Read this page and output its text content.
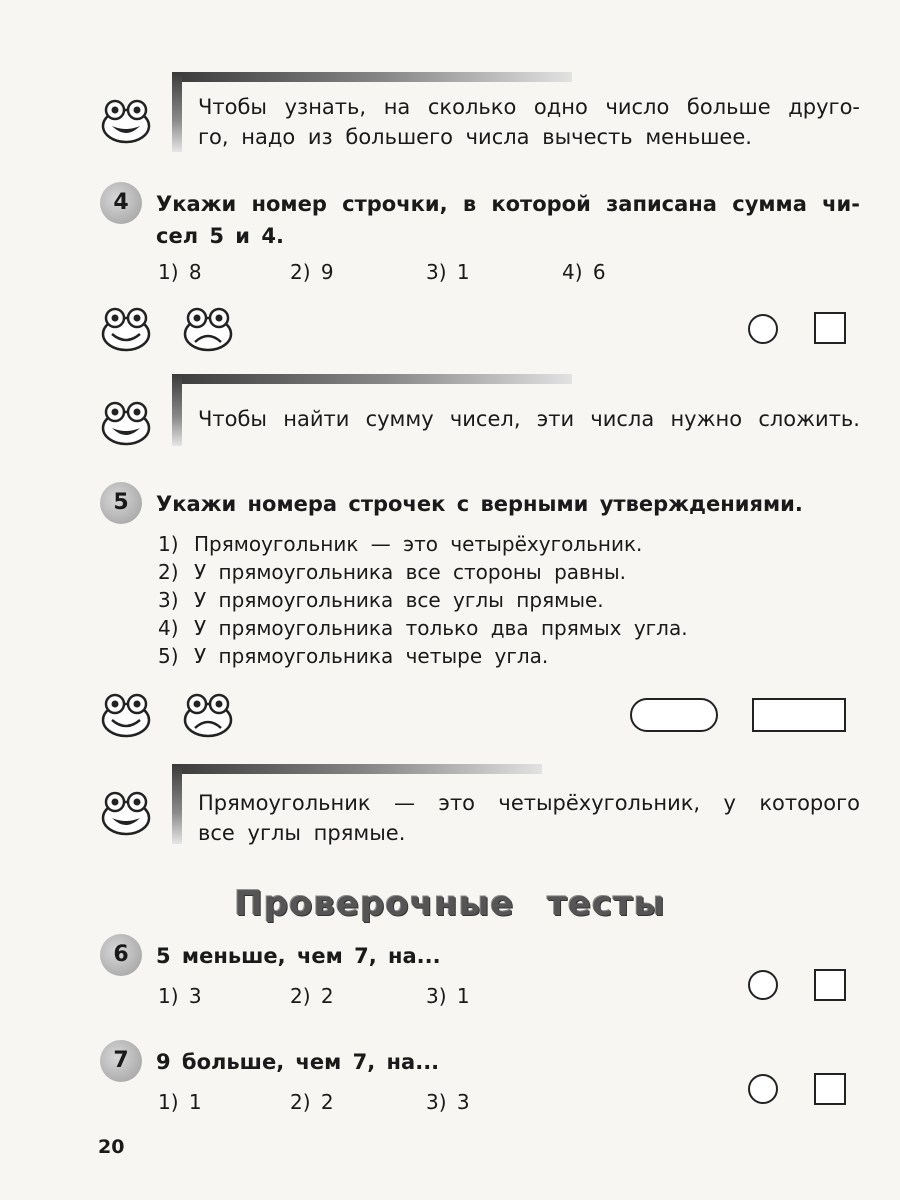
Чтобы узнать, на сколько одно число больше друго-
го, надо из большего числа вычесть меньшее.
4	Укажи номер строчки, в которой записана сумма чи-
сел 5 и 4.
1) 8	2) 9	3) 1	4) 6
Чтобы найти сумму чисел, эти числа нужно сложить.
5	Укажи номера строчек с верными утверждениями.
1) Прямоугольник — это четырёхугольник.
2) У прямоугольника все стороны равны.
3) У прямоугольника все углы прямые.
4) У прямоугольника только два прямых угла.
5) У прямоугольника четыре угла.
Прямоугольник — это четырёхугольник, у которого
все углы прямые.
Проверочные тесты
6	5 меньше, чем 7, на...
1) 3	2) 2	3) 1
7	9 больше, чем 7, на...
1) 1	2) 2	3) 3
20
